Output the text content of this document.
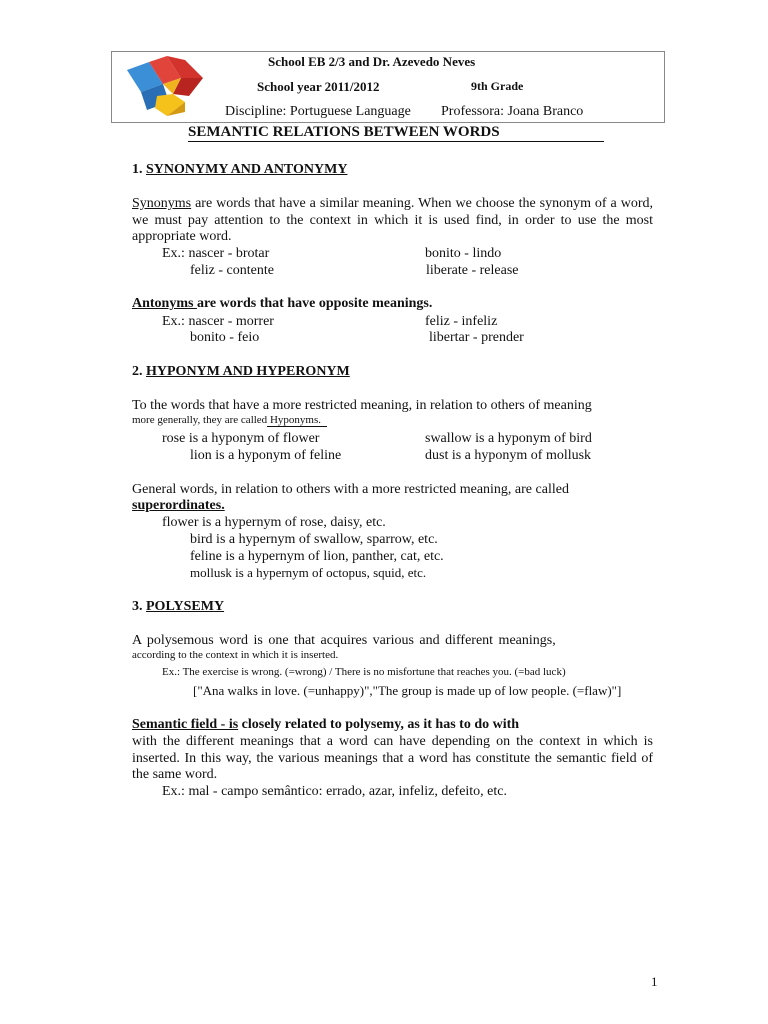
School EB 2/3 and Dr. Azevedo Neves
School year 2011/2012	9th Grade
Discipline: Portuguese Language Professora: Joana Branco
SEMANTIC RELATIONS BETWEEN WORDS
1. SYNONYMY AND ANTONYMY
Synonyms are words that have a similar meaning. When we choose the synonym of a word, we must pay attention to the context in which it is used find, in order to use the most appropriate word.
Ex.: nascer - brotar	bonito - lindo
feliz - contente	liberate - release
Antonyms are words that have opposite meanings.
Ex.: nascer - morrer	feliz - infeliz
bonito - feio	libertar - prender
2. HYPONYM AND HYPERONYM
To the words that have a more restricted meaning, in relation to others of meaning
more generally, they are called Hyponyms.
rose is a hyponym of flower	swallow is a hyponym of bird
lion is a hyponym of feline	dust is a hyponym of mollusk
General words, in relation to others with a more restricted meaning, are called
superordinates.
flower is a hypernym of rose, daisy, etc.
bird is a hypernym of swallow, sparrow, etc.
feline is a hypernym of lion, panther, cat, etc.
mollusk is a hypernym of octopus, squid, etc.
3. POLYSEMY
A polysemous word is one that acquires various and different meanings,
according to the context in which it is inserted.
Ex.: The exercise is wrong. (=wrong) / There is no misfortune that reaches you. (=bad luck)
["Ana walks in love. (=unhappy)","The group is made up of low people. (=flaw)"]
Semantic field - is closely related to polysemy, as it has to do with
with the different meanings that a word can have depending on the context in which is inserted. In this way, the various meanings that a word has constitute the semantic field of the same word.
Ex.: mal - campo semântico: errado, azar, infeliz, defeito, etc.
1
